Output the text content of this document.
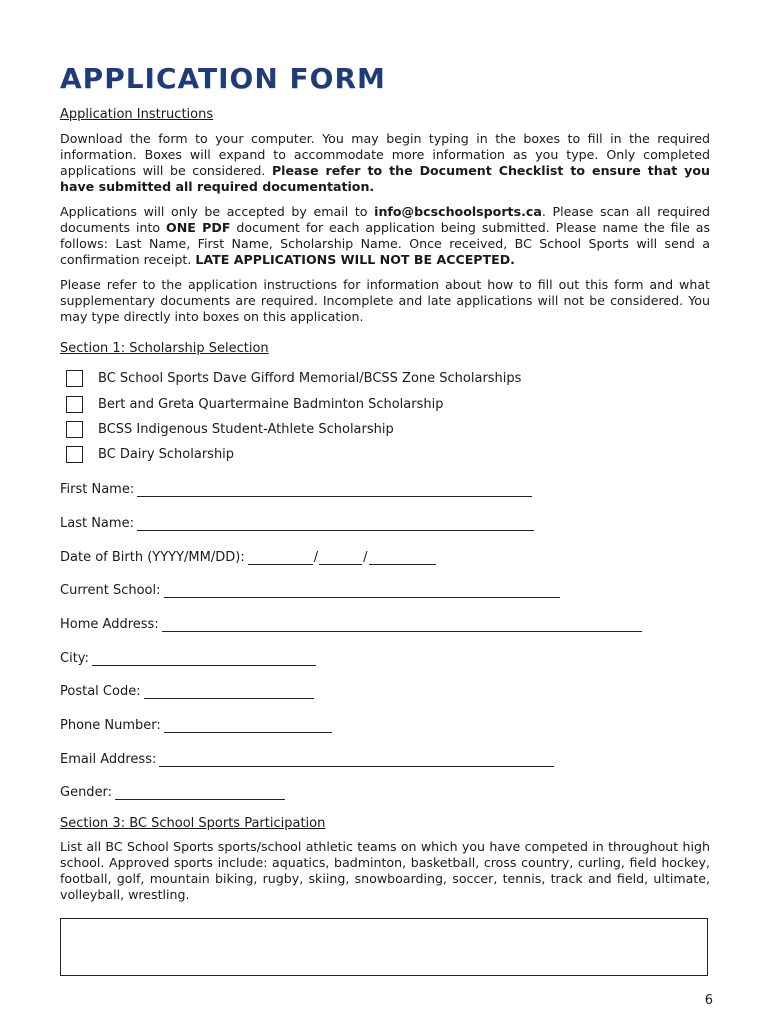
APPLICATION FORM
Application Instructions
Download the form to your computer. You may begin typing in the boxes to fill in the required information. Boxes will expand to accommodate more information as you type. Only completed applications will be considered. Please refer to the Document Checklist to ensure that you have submitted all required documentation.
Applications will only be accepted by email to info@bcschoolsports.ca. Please scan all required documents into ONE PDF document for each application being submitted. Please name the file as follows: Last Name, First Name, Scholarship Name. Once received, BC School Sports will send a confirmation receipt. LATE APPLICATIONS WILL NOT BE ACCEPTED.
Please refer to the application instructions for information about how to fill out this form and what supplementary documents are required. Incomplete and late applications will not be considered. You may type directly into boxes on this application.
Section 1: Scholarship Selection
BC School Sports Dave Gifford Memorial/BCSS Zone Scholarships
Bert and Greta Quartermaine Badminton Scholarship
BCSS Indigenous Student-Athlete Scholarship
BC Dairy Scholarship
First Name:
Last Name:
Date of Birth (YYYY/MM/DD):	/	/
Current School:
Home Address:
City:
Postal Code:
Phone Number:
Email Address:
Gender:
Section 3: BC School Sports Participation
List all BC School Sports sports/school athletic teams on which you have competed in throughout high school. Approved sports include: aquatics, badminton, basketball, cross country, curling, field hockey, football, golf, mountain biking, rugby, skiing, snowboarding, soccer, tennis, track and field, ultimate, volleyball, wrestling.
6
